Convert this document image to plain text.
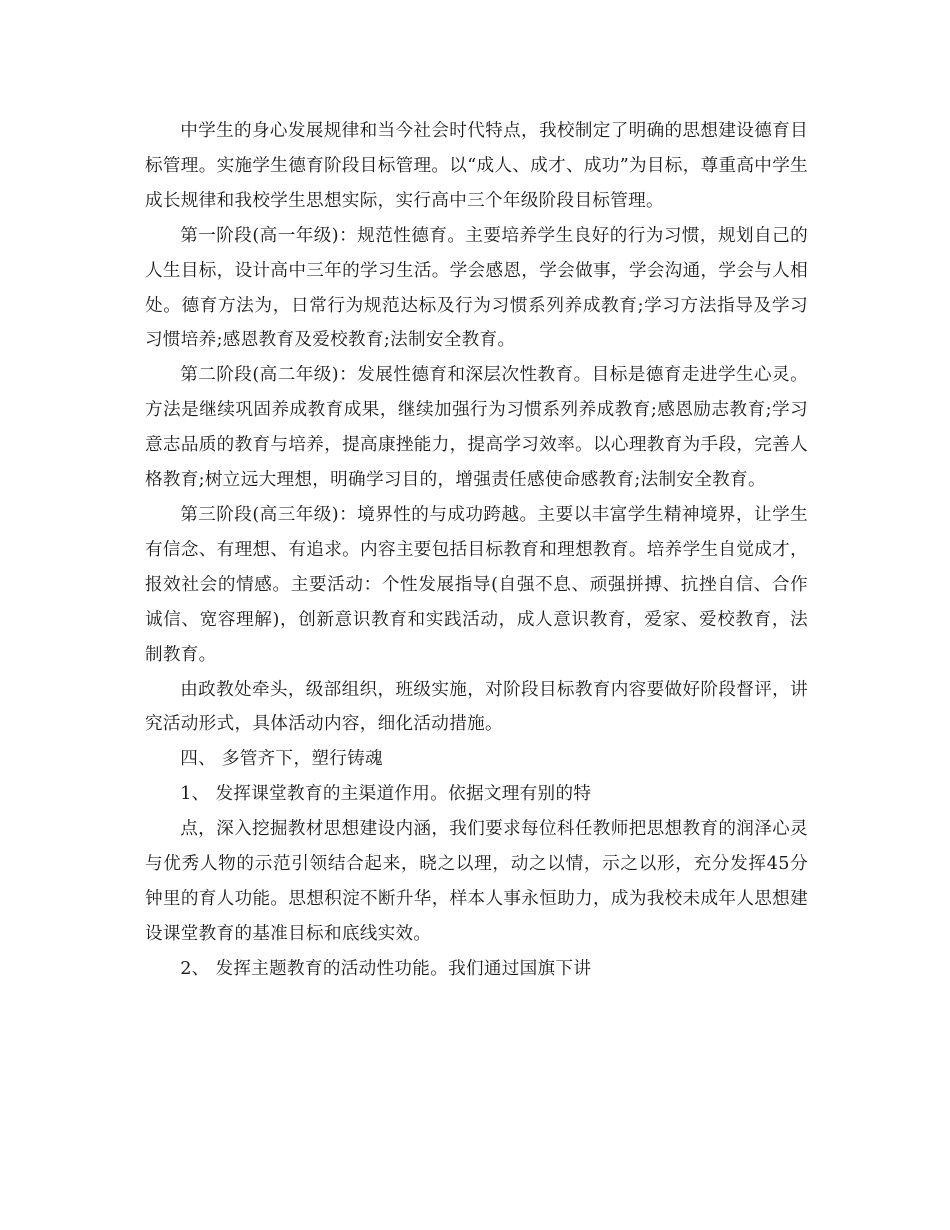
中学生的身心发展规律和当今社会时代特点，我校制定了明确的思想建设德育目标管理。实施学生德育阶段目标管理。以“成人、成才、成功”为目标，尊重高中学生成长规律和我校学生思想实际，实行高中三个年级阶段目标管理。

第一阶段(高一年级)：规范性德育。主要培养学生良好的行为习惯，规划自己的人生目标，设计高中三年的学习生活。学会感恩，学会做事，学会沟通，学会与人相处。德育方法为，日常行为规范达标及行为习惯系列养成教育;学习方法指导及学习习惯培养;感恩教育及爱校教育;法制安全教育。

第二阶段(高二年级)：发展性德育和深层次性教育。目标是德育走进学生心灵。方法是继续巩固养成教育成果，继续加强行为习惯系列养成教育;感恩励志教育;学习意志品质的教育与培养，提高康挫能力，提高学习效率。以心理教育为手段，完善人格教育;树立远大理想，明确学习目的，增强责任感使命感教育;法制安全教育。

第三阶段(高三年级)：境界性的与成功跨越。主要以丰富学生精神境界，让学生有信念、有理想、有追求。内容主要包括目标教育和理想教育。培养学生自觉成才，报效社会的情感。主要活动：个性发展指导(自强不息、顽强拼搏、抗挫自信、合作诚信、宽容理解)，创新意识教育和实践活动，成人意识教育，爱家、爱校教育，法制教育。

由政教处牵头，级部组织，班级实施，对阶段目标教育内容要做好阶段督评，讲究活动形式，具体活动内容，细化活动措施。

四、 多管齐下，塑行铸魂

1、 发挥课堂教育的主渠道作用。依据文理有别的特

点，深入挖掘教材思想建设内涵，我们要求每位科任教师把思想教育的润泽心灵与优秀人物的示范引领结合起来，晓之以理，动之以情，示之以形，充分发挥45分钟里的育人功能。思想积淀不断升华，样本人事永恒助力，成为我校未成年人思想建设课堂教育的基准目标和底线实效。

2、 发挥主题教育的活动性功能。我们通过国旗下讲
